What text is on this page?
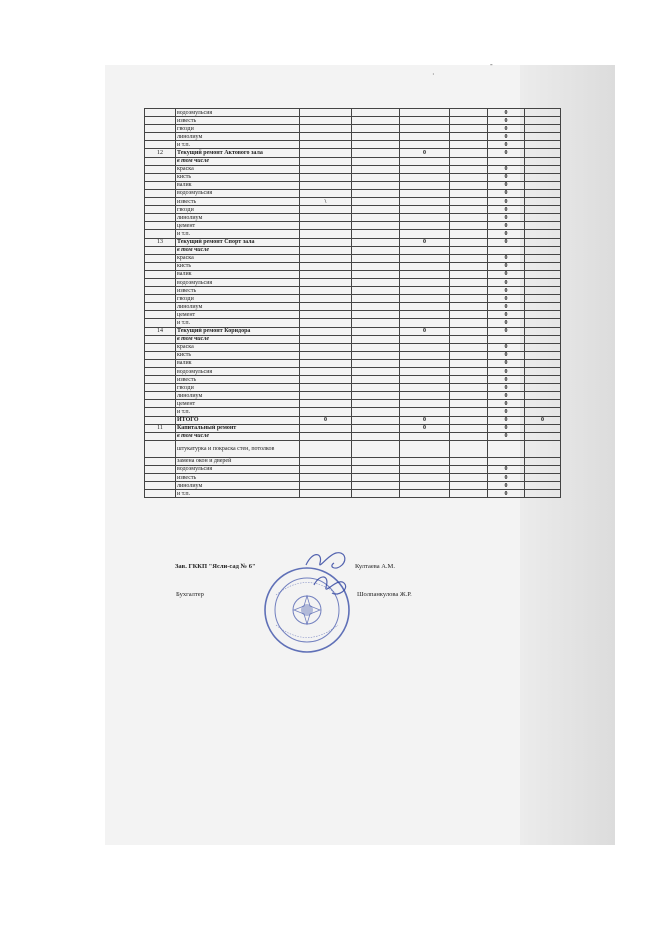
·
-
	водоэмульсия					0	
	известь					0	
	гвозди					0	
	линолиум					0	
	и т.п.					0	
12	Текущий ремонт Актового зала			0		0	
	в том числе						
	краска					0	
	кисть					0	
	валик					0	
	водоэмульсия					0	
	известь	\				0	
	гвозди					0	
	линолиум					0	
	цемент					0	
	и т.п.					0	
13	Текущий ремонт Спорт зала			0		0	
	в том числе						
	краска					0	
	кисть					0	
	валик					0	
	водоэмульсия					0	
	известь					0	
	гвозди					0	
	линолиум					0	
	цемент					0	
	и т.п.					0	
14	Текущий ремонт Коридора			0		0	
	в том числе						
	краска					0	
	кисть					0	
	валик					0	
	водоэмульсия					0	
	известь					0	
	гвозди					0	
	линолиум					0	
	цемент					0	
	и т.п.					0	
	ИТОГО	0		0		0	0
11	Капитальный ремонт			0		0	
	в том числе					0	
	штукатурка и покраска стен, потолков						
	замена окон и дверей						
	водоэмульсия					0	
	известь					0	
	линолиум					0	
	и т.п.					0	
Зав. ГККП "Ясли-сад № 6"	Култаева А.М.
Бухгалтер	Шолпанкулова Ж.Р.
